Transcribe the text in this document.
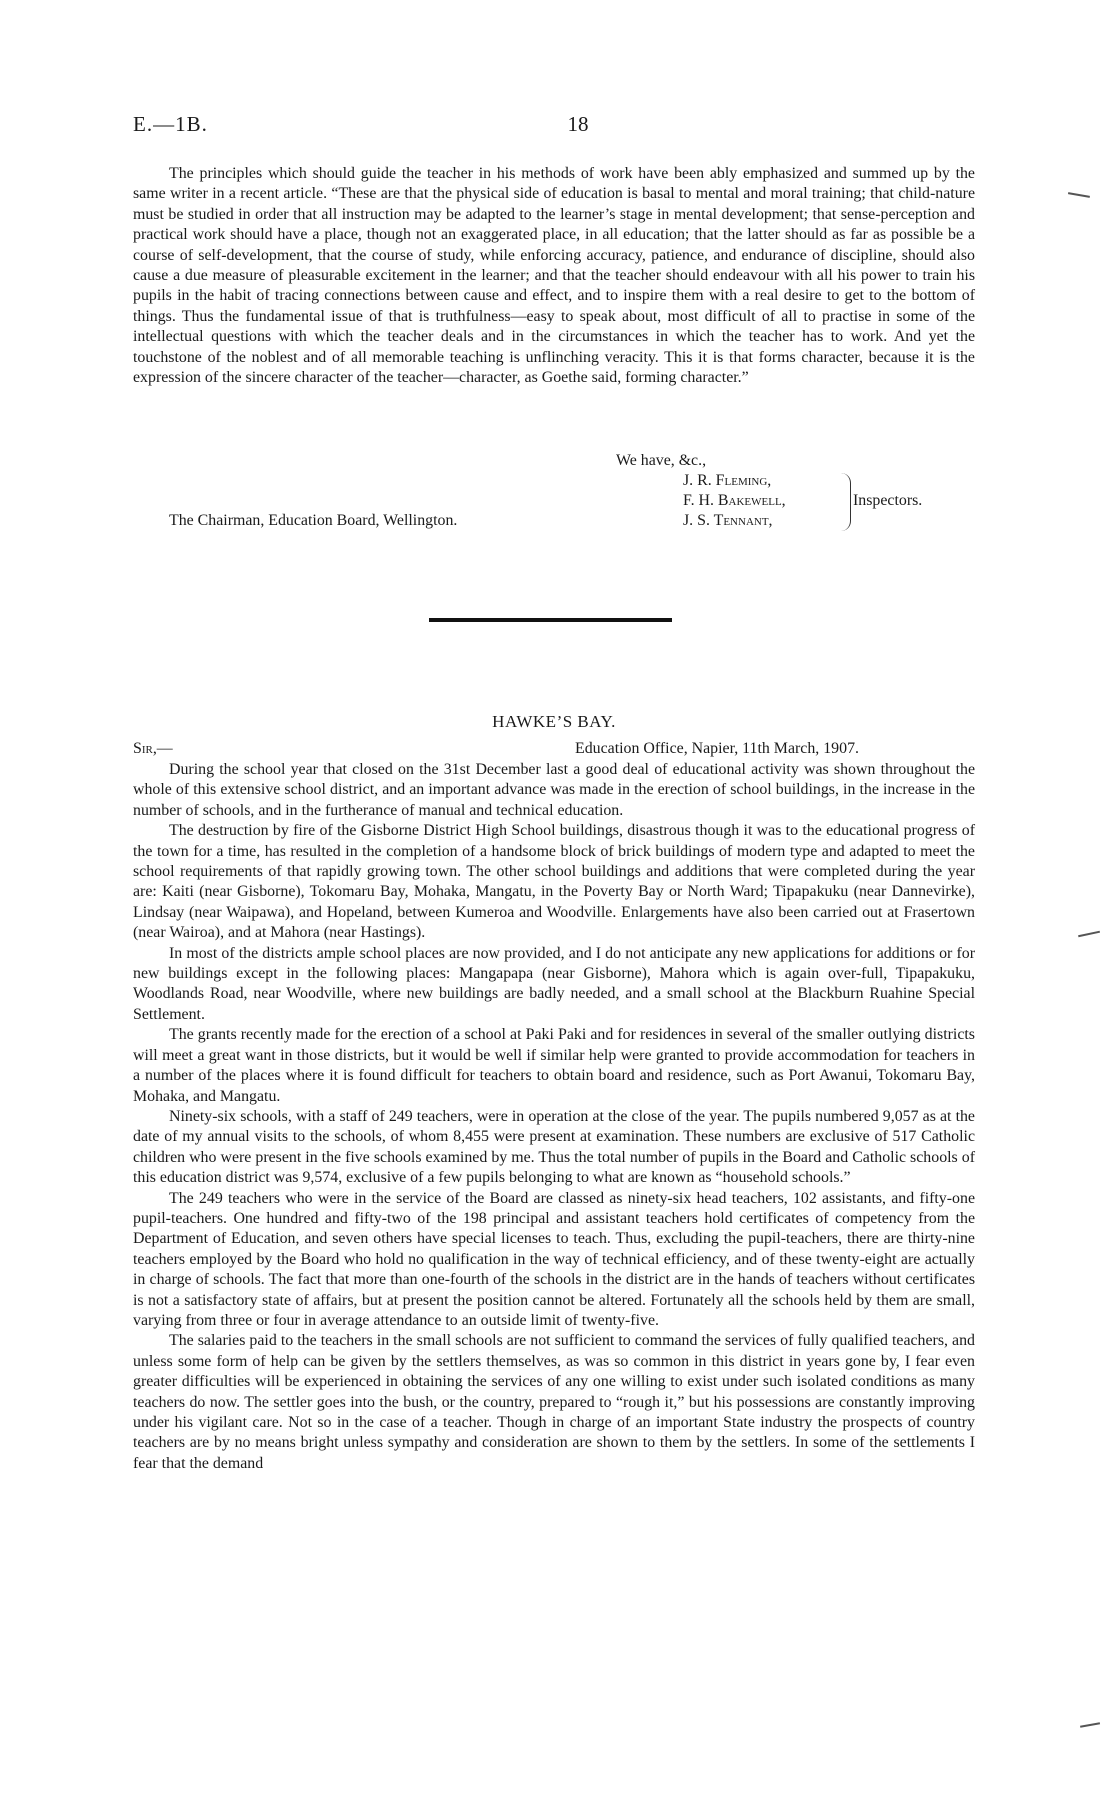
E.—1B.	18

The principles which should guide the teacher in his methods of work have been ably emphasized and summed up by the same writer in a recent article. “These are that the physical side of education is basal to mental and moral training; that child-nature must be studied in order that all instruction may be adapted to the learner’s stage in mental development; that sense-perception and practical work should have a place, though not an exaggerated place, in all education; that the latter should as far as possible be a course of self-development, that the course of study, while enforcing accuracy, patience, and endurance of discipline, should also cause a due measure of pleasurable excitement in the learner; and that the teacher should endeavour with all his power to train his pupils in the habit of tracing connections between cause and effect, and to inspire them with a real desire to get to the bottom of things. Thus the fundamental issue of that is truthfulness—easy to speak about, most difficult of all to practise in some of the intellectual questions with which the teacher deals and in the circumstances in which the teacher has to work. And yet the touchstone of the noblest and of all memorable teaching is unflinching veracity. This it is that forms character, because it is the expression of the sincere character of the teacher—character, as Goethe said, forming character.”

We have, &c.,
J. R. Fleming,
F. H. Bakewell,
J. S. Tennant,
Inspectors.
The Chairman, Education Board, Wellington.
HAWKE’S BAY.
Sir,—	Education Office, Napier, 11th March, 1907.

During the school year that closed on the 31st December last a good deal of educational activity was shown throughout the whole of this extensive school district, and an important advance was made in the erection of school buildings, in the increase in the number of schools, and in the furtherance of manual and technical education.

The destruction by fire of the Gisborne District High School buildings, disastrous though it was to the educational progress of the town for a time, has resulted in the completion of a handsome block of brick buildings of modern type and adapted to meet the school requirements of that rapidly growing town. The other school buildings and additions that were completed during the year are: Kaiti (near Gisborne), Tokomaru Bay, Mohaka, Mangatu, in the Poverty Bay or North Ward; Tipapakuku (near Dannevirke), Lindsay (near Waipawa), and Hopeland, between Kumeroa and Woodville. Enlargements have also been carried out at Frasertown (near Wairoa), and at Mahora (near Hastings).

In most of the districts ample school places are now provided, and I do not anticipate any new applications for additions or for new buildings except in the following places: Mangapapa (near Gisborne), Mahora which is again over-full, Tipapakuku, Woodlands Road, near Woodville, where new buildings are badly needed, and a small school at the Blackburn Ruahine Special Settlement.

The grants recently made for the erection of a school at Paki Paki and for residences in several of the smaller outlying districts will meet a great want in those districts, but it would be well if similar help were granted to provide accommodation for teachers in a number of the places where it is found difficult for teachers to obtain board and residence, such as Port Awanui, Tokomaru Bay, Mohaka, and Mangatu.

Ninety-six schools, with a staff of 249 teachers, were in operation at the close of the year. The pupils numbered 9,057 as at the date of my annual visits to the schools, of whom 8,455 were present at examination. These numbers are exclusive of 517 Catholic children who were present in the five schools examined by me. Thus the total number of pupils in the Board and Catholic schools of this education district was 9,574, exclusive of a few pupils belonging to what are known as “household schools.”

The 249 teachers who were in the service of the Board are classed as ninety-six head teachers, 102 assistants, and fifty-one pupil-teachers. One hundred and fifty-two of the 198 principal and assistant teachers hold certificates of competency from the Department of Education, and seven others have special licenses to teach. Thus, excluding the pupil-teachers, there are thirty-nine teachers employed by the Board who hold no qualification in the way of technical efficiency, and of these twenty-eight are actually in charge of schools. The fact that more than one-fourth of the schools in the district are in the hands of teachers without certificates is not a satisfactory state of affairs, but at present the position cannot be altered. Fortunately all the schools held by them are small, varying from three or four in average attendance to an outside limit of twenty-five.

The salaries paid to the teachers in the small schools are not sufficient to command the services of fully qualified teachers, and unless some form of help can be given by the settlers themselves, as was so common in this district in years gone by, I fear even greater difficulties will be experienced in obtaining the services of any one willing to exist under such isolated conditions as many teachers do now. The settler goes into the bush, or the country, prepared to “rough it,” but his possessions are constantly improving under his vigilant care. Not so in the case of a teacher. Though in charge of an important State industry the prospects of country teachers are by no means bright unless sympathy and consideration are shown to them by the settlers. In some of the settlements I fear that the demand
